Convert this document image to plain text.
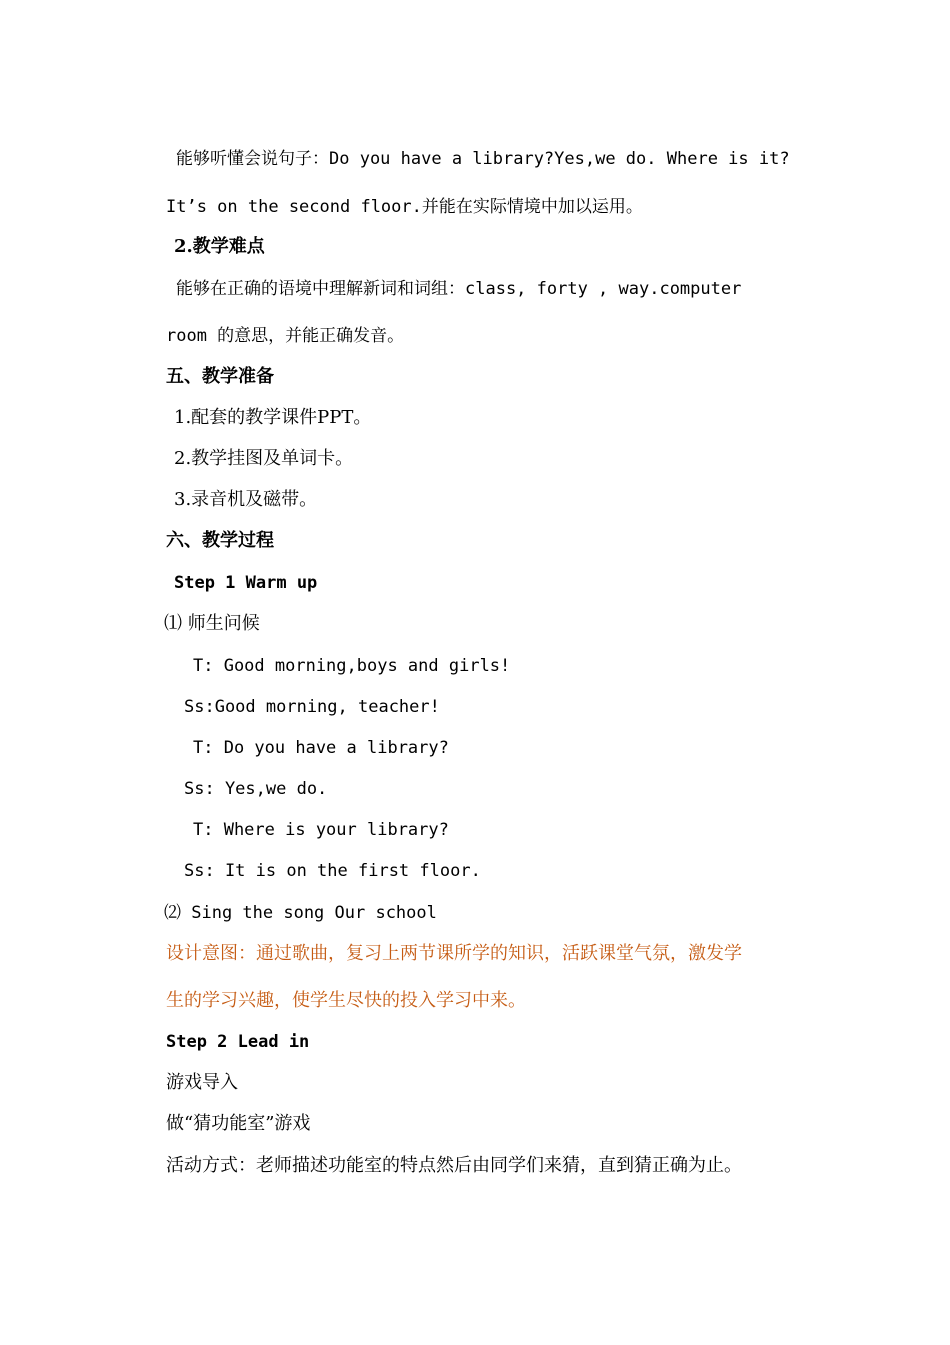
能够听懂会说句子：Do you have a library?Yes,we do. Where is it?
It’s on the second floor.并能在实际情境中加以运用。
2.教学难点
能够在正确的语境中理解新词和词组：class, forty , way.computer
room 的意思，并能正确发音。
五、教学准备
1.配套的教学课件PPT。
2.教学挂图及单词卡。
3.录音机及磁带。
六、教学过程
Step 1 Warm up
⑴ 师生问候
T: Good morning,boys and girls!
Ss:Good morning, teacher!
T: Do you have a library?
Ss: Yes,we do.
T: Where is your library?
Ss: It is on the first floor.
⑵ Sing the song Our school
设计意图：通过歌曲，复习上两节课所学的知识，活跃课堂气氛，激发学
生的学习兴趣，使学生尽快的投入学习中来。
Step 2 Lead in
游戏导入
做“猜功能室”游戏
活动方式：老师描述功能室的特点然后由同学们来猜，直到猜正确为止。
